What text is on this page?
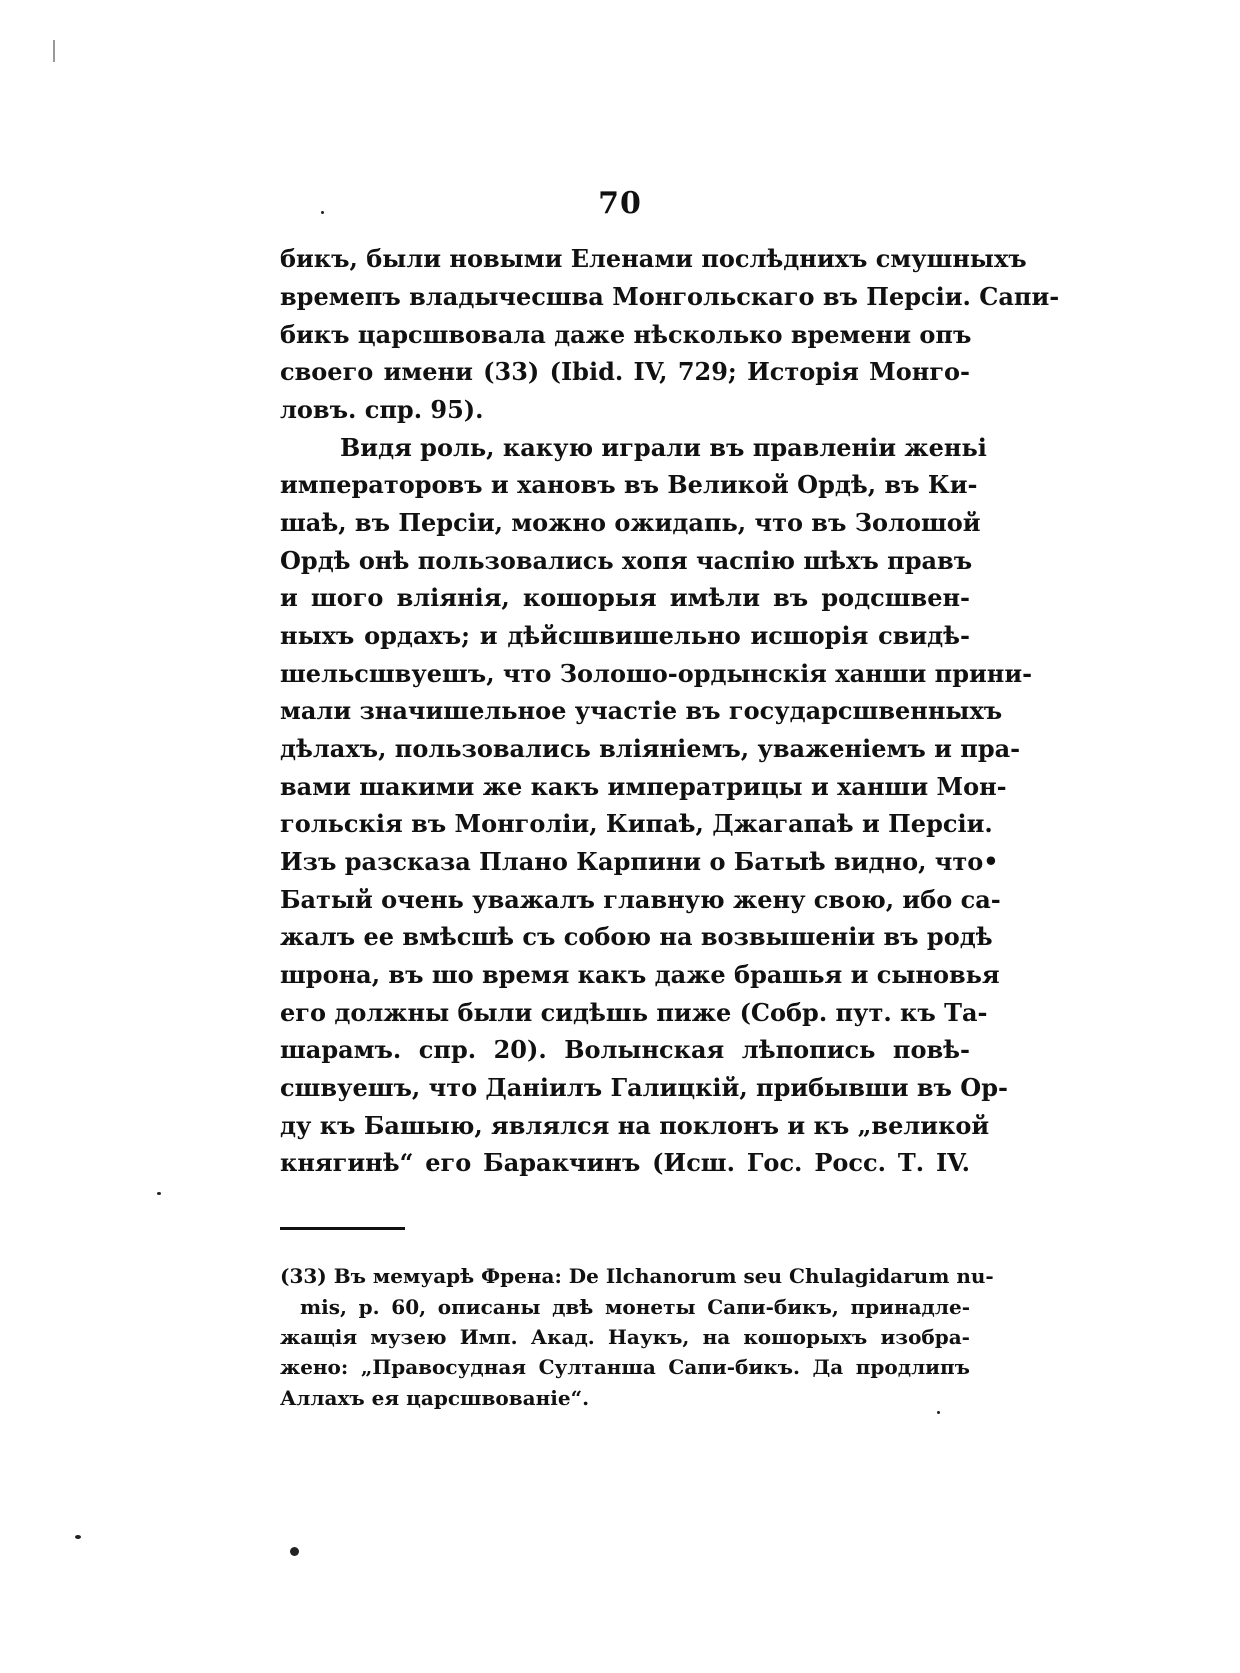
70
бикъ, были новыми Еленами послѣднихъ смушныхъ
времепъ владычесшва Монгольскаго въ Персіи. Сапи-
бикъ царсшвовала даже нѣсколько времени опъ
своего имени (33) (Ibid. IV, 729; Исторія Монго-
ловъ. спр. 95).
Видя роль, какую играли въ правленіи женьі
императоровъ и хановъ въ Великой Ордѣ, въ Ки-
шаѣ, въ Персіи, можно ожидапь, что въ Золошой
Ордѣ онѣ пользовались хопя часпію шѣхъ правъ
и шого вліянія, кошорыя имѣли въ родсшвен-
ныхъ ордахъ; и дѣйсшвишельно исшорія свидѣ-
шельсшвуешъ, что Золошо-ордынскія ханши прини-
мали значишельное участіе въ государсшвенныхъ
дѣлахъ, пользовались вліяніемъ, уваженіемъ и пра-
вами шакими же какъ императрицы и ханши Мон-
гольскія въ Монголіи, Кипаѣ, Джагапаѣ и Персіи.
Изъ разсказа Плано Карпини о Батыѣ видно, что•
Батый очень уважалъ главную жену свою, ибо са-
жалъ ее вмѣсшѣ съ собою на возвышеніи въ родѣ
шрона, въ шо время какъ даже брашья и сыновья
его должны были сидѣшь пиже (Собр. пут. къ Та-
шарамъ. спр. 20). Волынская лѣпопись повѣ-
сшвуешъ, что Даніилъ Галицкій, прибывши въ Ор-
ду къ Башыю, являлся на поклонъ и къ „великой
княгинѣ“ его Баракчинъ (Исш. Гос. Росс. Т. IV.
(33) Въ мемуарѣ Френа: De Ilchanorum seu Chulagidarum nu-
mis, p. 60, описаны двѣ монеты Сапи-бикъ, принадле-
жащія музею Имп. Акад. Наукъ, на кошорыхъ изобра-
жено: „Правосудная Султанша Сапи-бикъ. Да продлипъ
Аллахъ ея царсшвованіе“.
